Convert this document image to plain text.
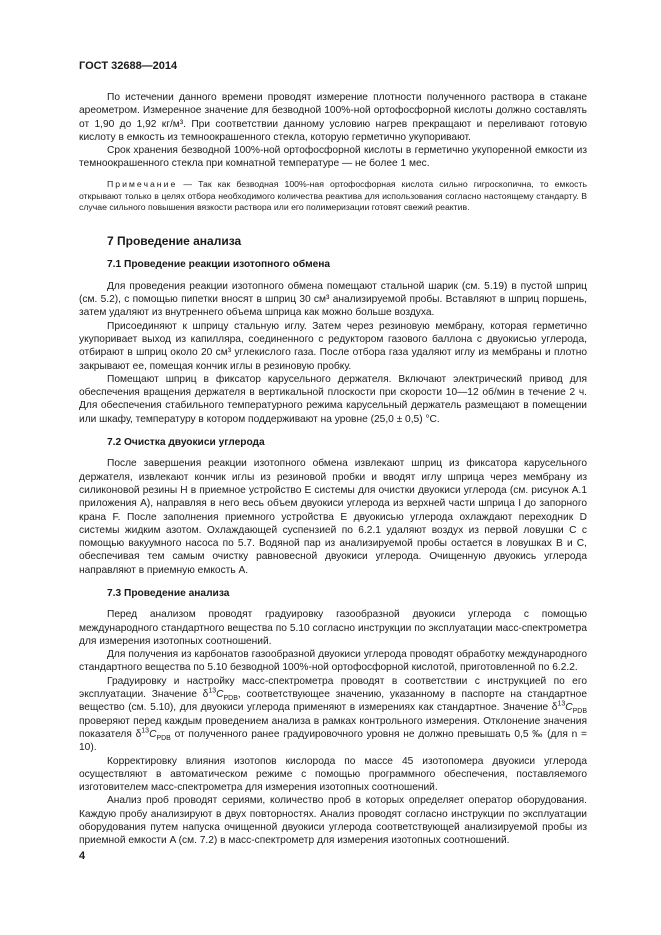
ГОСТ 32688—2014

По истечении данного времени проводят измерение плотности полученного раствора в стакане ареометром. Измеренное значение для безводной 100%-ной ортофосфорной кислоты должно составлять от 1,90 до 1,92 кг/м³. При соответствии данному условию нагрев прекращают и переливают готовую кислоту в емкость из темноокрашенного стекла, которую герметично укупоривают.

Срок хранения безводной 100%-ной ортофосфорной кислоты в герметично укупоренной емкости из темноокрашенного стекла при комнатной температуре — не более 1 мес.

Примечание — Так как безводная 100%-ная ортофосфорная кислота сильно гигроскопична, то емкость открывают только в целях отбора необходимого количества реактива для использования согласно настоящему стандарту. В случае сильного повышения вязкости раствора или его полимеризации готовят свежий реактив.

7 Проведение анализа
7.1 Проведение реакции изотопного обмена

Для проведения реакции изотопного обмена помещают стальной шарик (см. 5.19) в пустой шприц (см. 5.2), с помощью пипетки вносят в шприц 30 см³ анализируемой пробы. Вставляют в шприц поршень, затем удаляют из внутреннего объема шприца как можно больше воздуха.

Присоединяют к шприцу стальную иглу. Затем через резиновую мембрану, которая герметично укупоривает выход из капилляра, соединенного с редуктором газового баллона с двуокисью углерода, отбирают в шприц около 20 см³ углекислого газа. После отбора газа удаляют иглу из мембраны и плотно закрывают ее, помещая кончик иглы в резиновую пробку.

Помещают шприц в фиксатор карусельного держателя. Включают электрический привод для обеспечения вращения держателя в вертикальной плоскости при скорости 10—12 об/мин в течение 2 ч. Для обеспечения стабильного температурного режима карусельный держатель размещают в помещении или шкафу, температуру в котором поддерживают на уровне (25,0 ± 0,5) °С.

7.2 Очистка двуокиси углерода

После завершения реакции изотопного обмена извлекают шприц из фиксатора карусельного держателя, извлекают кончик иглы из резиновой пробки и вводят иглу шприца через мембрану из силиконовой резины H в приемное устройство E системы для очистки двуокиси углерода (см. рисунок А.1 приложения А), направляя в него весь объем двуокиси углерода из верхней части шприца I до запорного крана F. После заполнения приемного устройства E двуокисью углерода охлаждают переходник D системы жидким азотом. Охлаждающей суспензией по 6.2.1 удаляют воздух из первой ловушки C с помощью вакуумного насоса по 5.7. Водяной пар из анализируемой пробы остается в ловушках B и C, обеспечивая тем самым очистку равновесной двуокиси углерода. Очищенную двуокись углерода направляют в приемную емкость A.

7.3 Проведение анализа

Перед анализом проводят градуировку газообразной двуокиси углерода с помощью международного стандартного вещества по 5.10 согласно инструкции по эксплуатации масс-спектрометра для измерения изотопных соотношений.

Для получения из карбонатов газообразной двуокиси углерода проводят обработку международного стандартного вещества по 5.10 безводной 100%-ной ортофосфорной кислотой, приготовленной по 6.2.2.

Градуировку и настройку масс-спектрометра проводят в соответствии с инструкцией по его эксплуатации. Значение $\delta^{13}C_{PDB}$, соответствующее значению, указанному в паспорте на стандартное вещество (см. 5.10), для двуокиси углерода применяют в измерениях как стандартное. Значение $\delta^{13}C_{PDB}$ проверяют перед каждым проведением анализа в рамках контрольного измерения. Отклонение значения показателя $\delta^{13}C_{PDB}$ от полученного ранее градуировочного уровня не должно превышать 0,5 ‰ (для n = 10).

Корректировку влияния изотопов кислорода по массе 45 изотопомера двуокиси углерода осуществляют в автоматическом режиме с помощью программного обеспечения, поставляемого изготовителем масс-спектрометра для измерения изотопных соотношений.

Анализ проб проводят сериями, количество проб в которых определяет оператор оборудования. Каждую пробу анализируют в двух повторностях. Анализ проводят согласно инструкции по эксплуатации оборудования путем напуска очищенной двуокиси углерода соответствующей анализируемой пробы из приемной емкости A (см. 7.2) в масс-спектрометр для измерения изотопных соотношений.

4
